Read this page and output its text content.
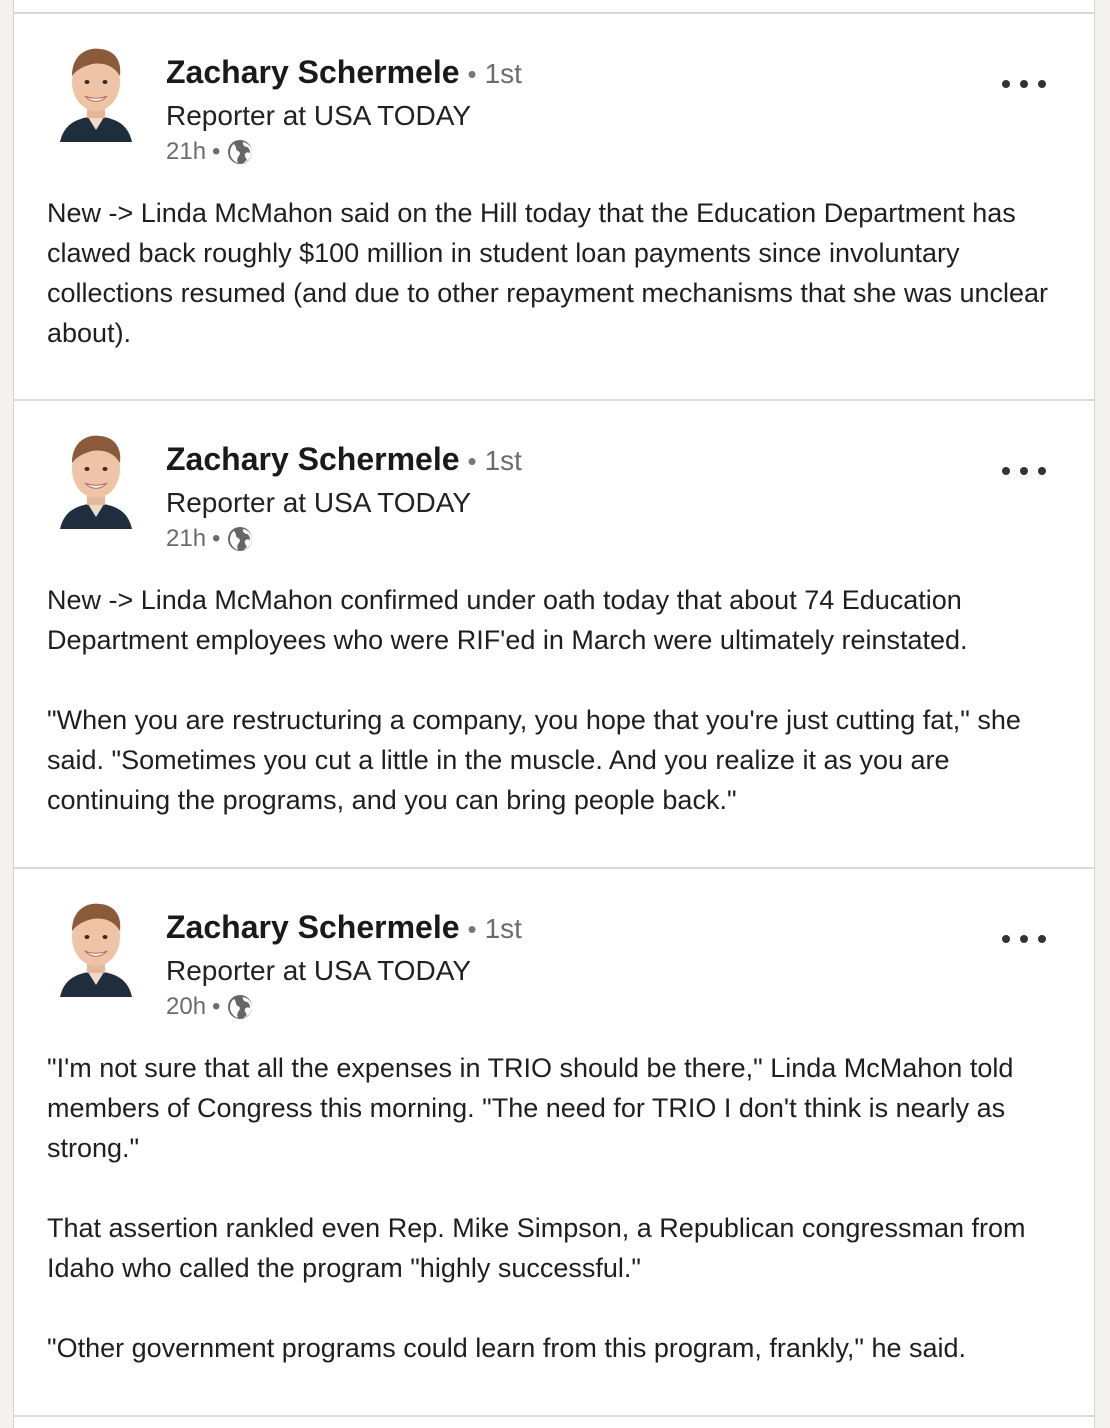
Zachary Schermele • 1st
Reporter at USA TODAY
21h •

New -> Linda McMahon said on the Hill today that the Education Department has clawed back roughly $100 million in student loan payments since involuntary collections resumed (and due to other repayment mechanisms that she was unclear about).

Zachary Schermele • 1st
Reporter at USA TODAY
21h •

New -> Linda McMahon confirmed under oath today that about 74 Education Department employees who were RIF'ed in March were ultimately reinstated.

"When you are restructuring a company, you hope that you're just cutting fat," she said. "Sometimes you cut a little in the muscle. And you realize it as you are continuing the programs, and you can bring people back."

Zachary Schermele • 1st
Reporter at USA TODAY
20h •

"I'm not sure that all the expenses in TRIO should be there," Linda McMahon told members of Congress this morning. "The need for TRIO I don't think is nearly as strong."

That assertion rankled even Rep. Mike Simpson, a Republican congressman from Idaho who called the program "highly successful."

"Other government programs could learn from this program, frankly," he said.
